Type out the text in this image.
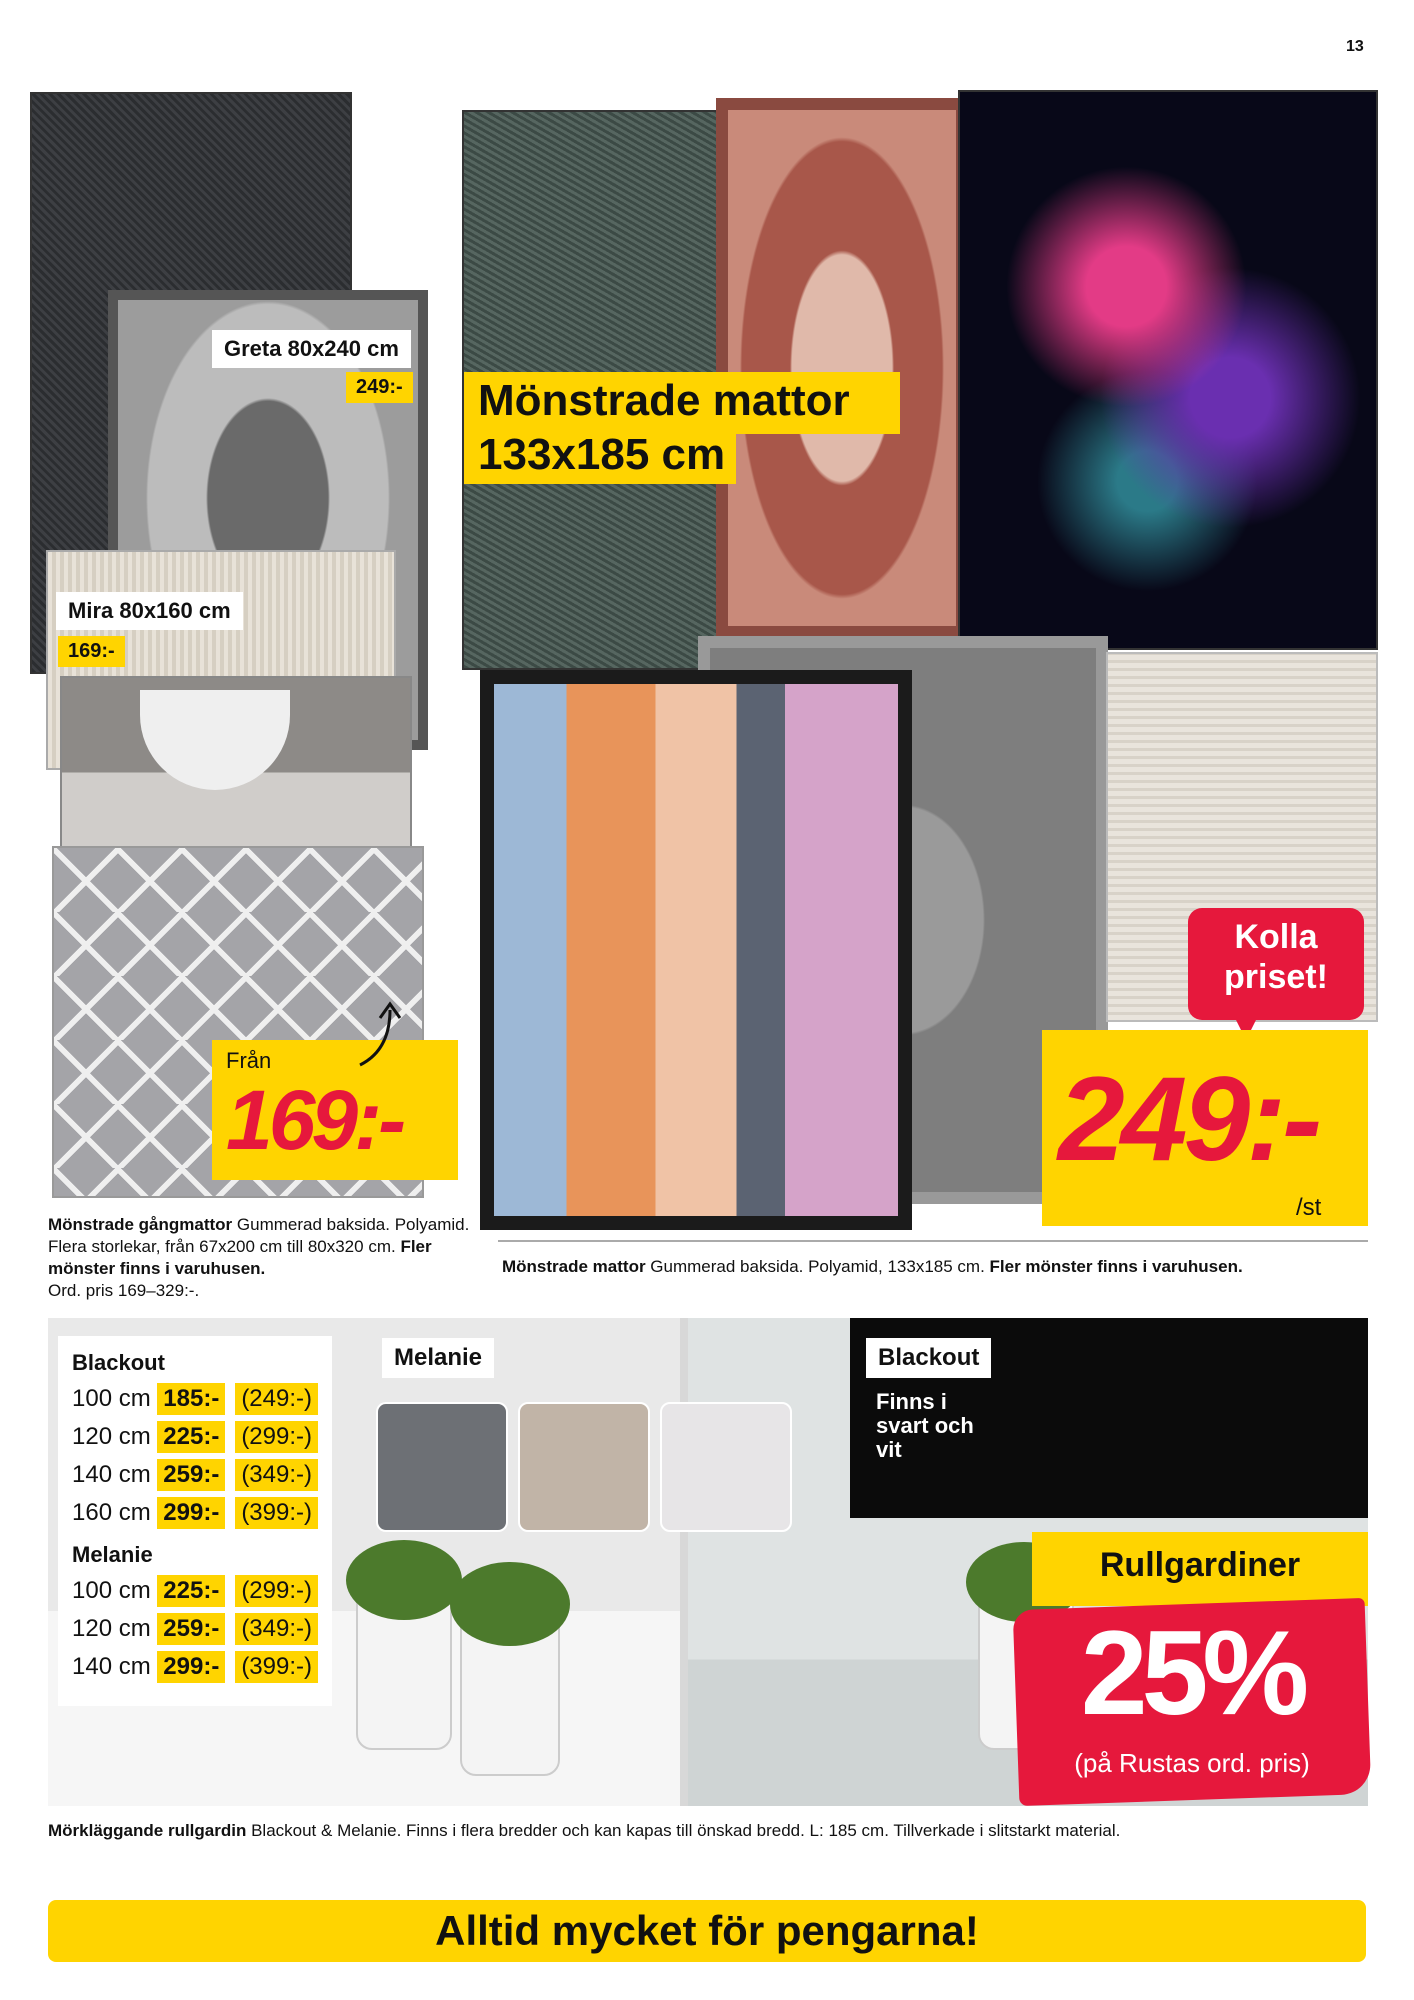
13
Greta 80x240 cm
249:-
Mira 80x160 cm
169:-
Från
169:-

Mönstrade gångmattor Gummerad baksida. Polyamid. Flera storlekar, från 67x200 cm till 80x320 cm. Fler mönster finns i varuhusen.
Ord. pris 169–329:-.

Mönstrade mattor
133x185 cm
Kolla
priset!
249:-
/st

Mönstrade mattor Gummerad baksida. Polyamid, 133x185 cm. Fler mönster finns i varuhusen.

Blackout
100 cm 185:- (249:-)
120 cm 225:- (299:-)
140 cm 259:- (349:-)
160 cm 299:- (399:-)
Melanie
100 cm 225:- (299:-)
120 cm 259:- (349:-)
140 cm 299:- (399:-)
Melanie	Blackout
Finns i svart och vit
Rullgardiner
25%
(på Rustas ord. pris)

Mörkläggande rullgardin Blackout & Melanie. Finns i flera bredder och kan kapas till önskad bredd. L: 185 cm. Tillverkade i slitstarkt material.

Alltid mycket för pengarna!
